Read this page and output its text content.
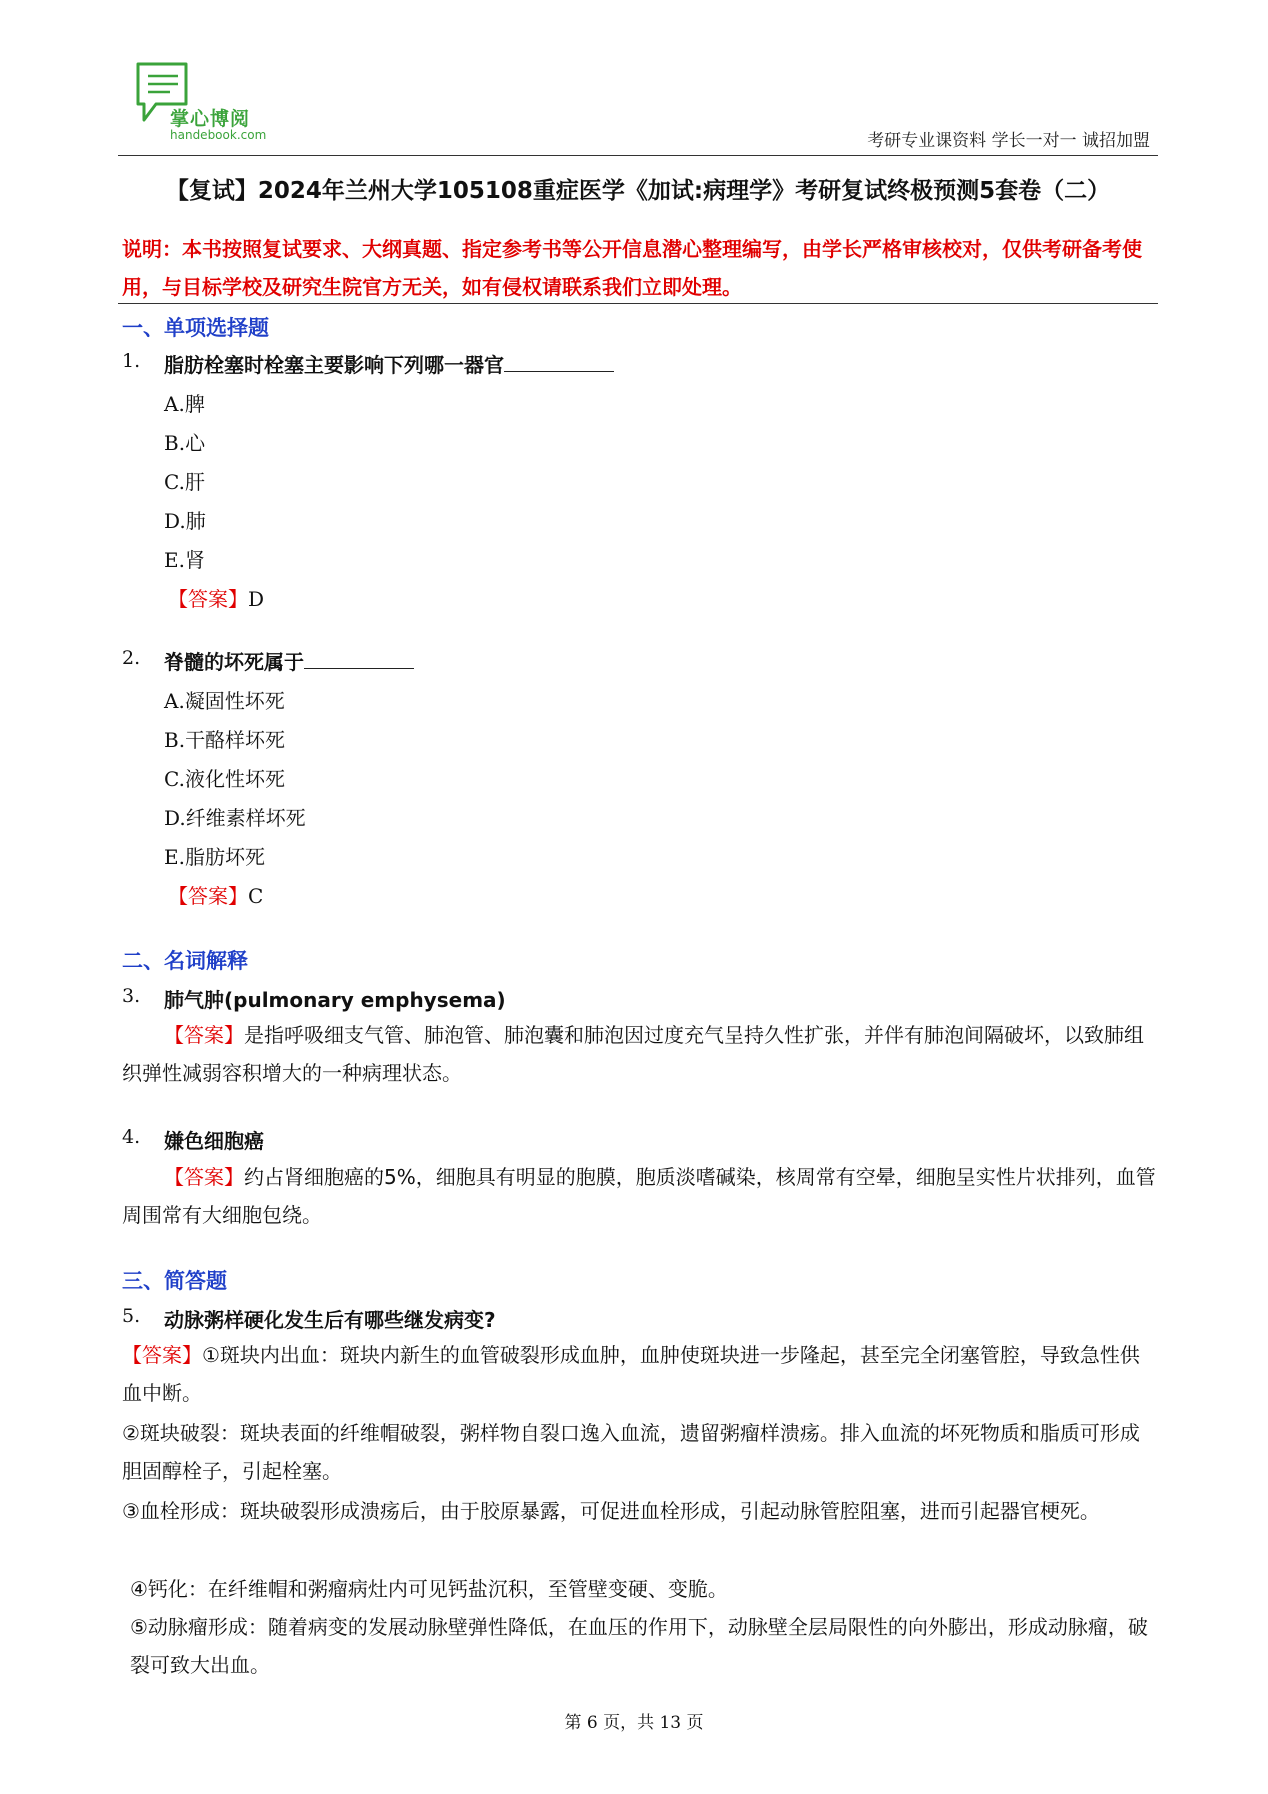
掌心博阅
handebook.com	考研专业课资料 学长一对一 诚招加盟
【复试】2024年兰州大学105108重症医学《加试:病理学》考研复试终极预测5套卷（二）
说明：本书按照复试要求、大纲真题、指定参考书等公开信息潜心整理编写，由学长严格审核校对，仅供考研备考使用，与目标学校及研究生院官方无关，如有侵权请联系我们立即处理。
一、单项选择题
1. 脂肪栓塞时栓塞主要影响下列哪一器官
A.脾
B.心
C.肝
D.肺
E.肾
【答案】D
2. 脊髓的坏死属于
A.凝固性坏死
B.干酪样坏死
C.液化性坏死
D.纤维素样坏死
E.脂肪坏死
【答案】C
二、名词解释
3. 肺气肿(pulmonary emphysema)
【答案】是指呼吸细支气管、肺泡管、肺泡囊和肺泡因过度充气呈持久性扩张，并伴有肺泡间隔破坏，以致肺组织弹性减弱容积增大的一种病理状态。
4. 嫌色细胞癌
【答案】约占肾细胞癌的5%，细胞具有明显的胞膜，胞质淡嗜碱染，核周常有空晕，细胞呈实性片状排列，血管周围常有大细胞包绕。
三、简答题
5. 动脉粥样硬化发生后有哪些继发病变?
【答案】①斑块内出血：斑块内新生的血管破裂形成血肿，血肿使斑块进一步隆起，甚至完全闭塞管腔，导致急性供血中断。
②斑块破裂：斑块表面的纤维帽破裂，粥样物自裂口逸入血流，遗留粥瘤样溃疡。排入血流的坏死物质和脂质可形成胆固醇栓子，引起栓塞。
③血栓形成：斑块破裂形成溃疡后，由于胶原暴露，可促进血栓形成，引起动脉管腔阻塞，进而引起器官梗死。
④钙化：在纤维帽和粥瘤病灶内可见钙盐沉积，至管壁变硬、变脆。
⑤动脉瘤形成：随着病变的发展动脉壁弹性降低，在血压的作用下，动脉壁全层局限性的向外膨出，形成动脉瘤，破裂可致大出血。
第 6 页，共 13 页
